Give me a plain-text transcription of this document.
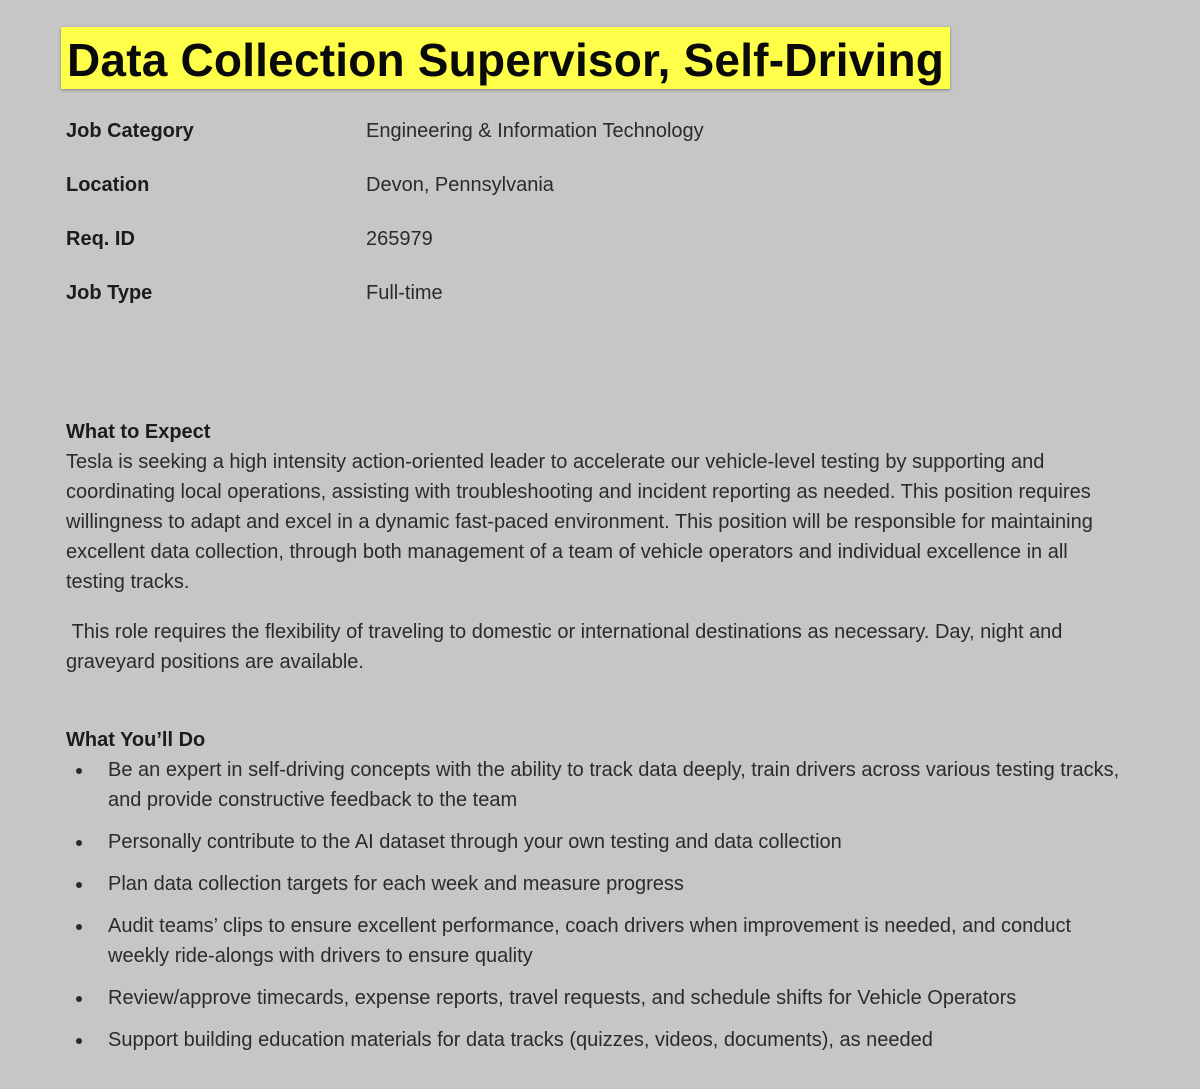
Data Collection Supervisor, Self-Driving
Job Category	Engineering & Information Technology
Location	Devon, Pennsylvania
Req. ID	265979
Job Type	Full-time
What to Expect

Tesla is seeking a high intensity action-oriented leader to accelerate our vehicle-level testing by supporting and coordinating local operations, assisting with troubleshooting and incident reporting as needed. This position requires willingness to adapt and excel in a dynamic fast-paced environment. This position will be responsible for maintaining excellent data collection, through both management of a team of vehicle operators and individual excellence in all testing tracks.

This role requires the flexibility of traveling to domestic or international destinations as necessary. Day, night and graveyard positions are available.

What You’ll Do
Be an expert in self-driving concepts with the ability to track data deeply, train drivers across various testing tracks, and provide constructive feedback to the team
Personally contribute to the AI dataset through your own testing and data collection
Plan data collection targets for each week and measure progress
Audit teams’ clips to ensure excellent performance, coach drivers when improvement is needed, and conduct weekly ride-alongs with drivers to ensure quality
Review/approve timecards, expense reports, travel requests, and schedule shifts for Vehicle Operators
Support building education materials for data tracks (quizzes, videos, documents), as needed
